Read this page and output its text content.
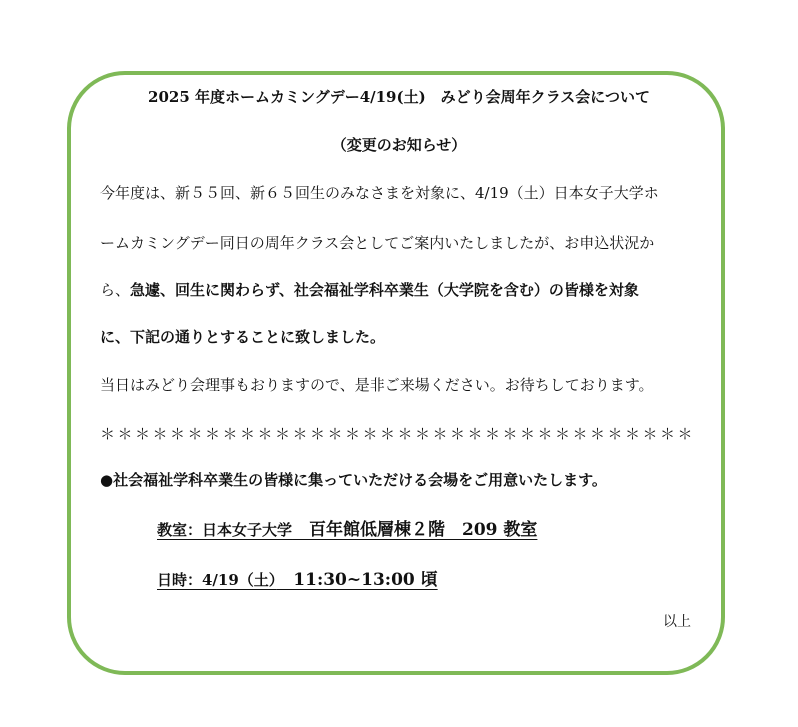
2025 年度ホームカミングデー4/19(土)　みどり会周年クラス会について
（変更のお知らせ）
今年度は、新５５回、新６５回生のみなさまを対象に、4/19（土）日本女子大学ホ
ームカミングデー同日の周年クラス会としてご案内いたしましたが、お申込状況か
ら、急遽、回生に関わらず、社会福祉学科卒業生（大学院を含む）の皆様を対象
に、下記の通りとすることに致しました。
当日はみどり会理事もおりますので、是非ご来場ください。お待ちしております。
＊＊＊＊＊＊＊＊＊＊＊＊＊＊＊＊＊＊＊＊＊＊＊＊＊＊＊＊＊＊＊＊＊＊
●社会福祉学科卒業生の皆様に集っていただける会場をご用意いたします。
教室：日本女子大学　百年館低層棟２階　209 教室
日時：4/19（土）　11:30~13:00 頃
以上
